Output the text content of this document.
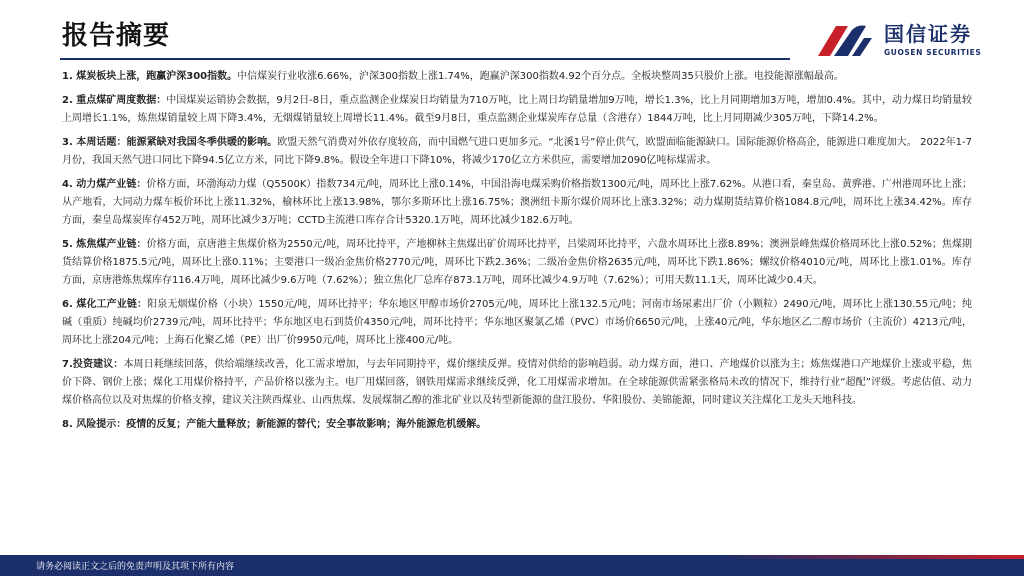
报告摘要	国信证券
GUOSEN SECURITIES

1. 煤炭板块上涨，跑赢沪深300指数。中信煤炭行业收涨6.66%，沪深300指数上涨1.74%，跑赢沪深300指数4.92个百分点。全板块整周35只股价上涨。电投能源涨幅最高。

2. 重点煤矿周度数据：中国煤炭运销协会数据，9月2日-8日，重点监测企业煤炭日均销量为710万吨，比上周日均销量增加9万吨，增长1.3%，比上月同期增加3万吨，增加0.4%。其中，动力煤日均销量较上周增长1.1%，炼焦煤销量较上周下降3.4%，无烟煤销量较上周增长11.4%。截至9月8日，重点监测企业煤炭库存总量（含港存）1844万吨，比上月同期减少305万吨，下降14.2%。

3. 本周话题：能源紧缺对我国冬季供暖的影响。欧盟天然气消费对外依存度较高，而中国燃气进口更加多元。“北溪1号”停止供气，欧盟面临能源缺口。国际能源价格高企，能源进口难度加大。 2022年1-7月份，我国天然气进口同比下降94.5亿立方米，同比下降9.8%。假设全年进口下降10%，将减少170亿立方米供应，需要增加2090亿吨标煤需求。

4. 动力煤产业链：价格方面，环渤海动力煤（Q5500K）指数734元/吨，周环比上涨0.14%，中国沿海电煤采购价格指数1300元/吨，周环比上涨7.62%。从港口看，秦皇岛、黄骅港、广州港周环比上涨；从产地看，大同动力煤车板价环比上涨11.32%，榆林环比上涨13.98%，鄂尔多斯环比上涨16.75%；澳洲纽卡斯尔煤价周环比上涨3.32%；动力煤期货结算价格1084.8元/吨，周环比上涨34.42%。库存方面，秦皇岛煤炭库存452万吨，周环比减少3万吨；CCTD主流港口库存合计5320.1万吨，周环比减少182.6万吨。

5. 炼焦煤产业链：价格方面，京唐港主焦煤价格为2550元/吨，周环比持平，产地柳林主焦煤出矿价周环比持平，吕梁周环比持平，六盘水周环比上涨8.89%；澳洲景峰焦煤价格周环比上涨0.52%；焦煤期货结算价格1875.5元/吨，周环比上涨0.11%；主要港口一级冶金焦价格2770元/吨，周环比下跌2.36%；二级冶金焦价格2635元/吨，周环比下跌1.86%；螺纹价格4010元/吨，周环比上涨1.01%。库存方面，京唐港炼焦煤库存116.4万吨，周环比减少9.6万吨（7.62%）；独立焦化厂总库存873.1万吨，周环比减少4.9万吨（7.62%）；可用天数11.1天，周环比减少0.4天。

6. 煤化工产业链：阳泉无烟煤价格（小块）1550元/吨，周环比持平；华东地区甲醇市场价2705元/吨，周环比上涨132.5元/吨；河南市场尿素出厂价（小颗粒）2490元/吨，周环比上涨130.55元/吨；纯碱（重质）纯碱均价2739元/吨，周环比持平；华东地区电石到货价4350元/吨，周环比持平；华东地区聚氯乙烯（PVC）市场价6650元/吨，上涨40元/吨，华东地区乙二醇市场价（主流价）4213元/吨，周环比上涨204元/吨；上海石化聚乙烯（PE）出厂价9950元/吨，周环比上涨400元/吨。

7.投资建议：本周日耗继续回落，供给端继续改善，化工需求增加，与去年同期持平，煤价继续反弹。疫情对供给的影响趋弱。动力煤方面，港口、产地煤价以涨为主；炼焦煤港口产地煤价上涨或平稳，焦价下降、钢价上涨；煤化工用煤价格持平，产品价格以涨为主。电厂用煤回落，钢铁用煤需求继续反弹，化工用煤需求增加。在全球能源供需紧张格局未改的情况下，维持行业“超配”评级。考虑估值、动力煤价格高位以及对焦煤的价格支撑，建议关注陕西煤业、山西焦煤、发展煤制乙醇的淮北矿业以及转型新能源的盘江股份、华阳股份、美锦能源，同时建议关注煤化工龙头天地科技。

8. 风险提示：疫情的反复；产能大量释放；新能源的替代；安全事故影响；海外能源危机缓解。

请务必阅读正文之后的免责声明及其项下所有内容
